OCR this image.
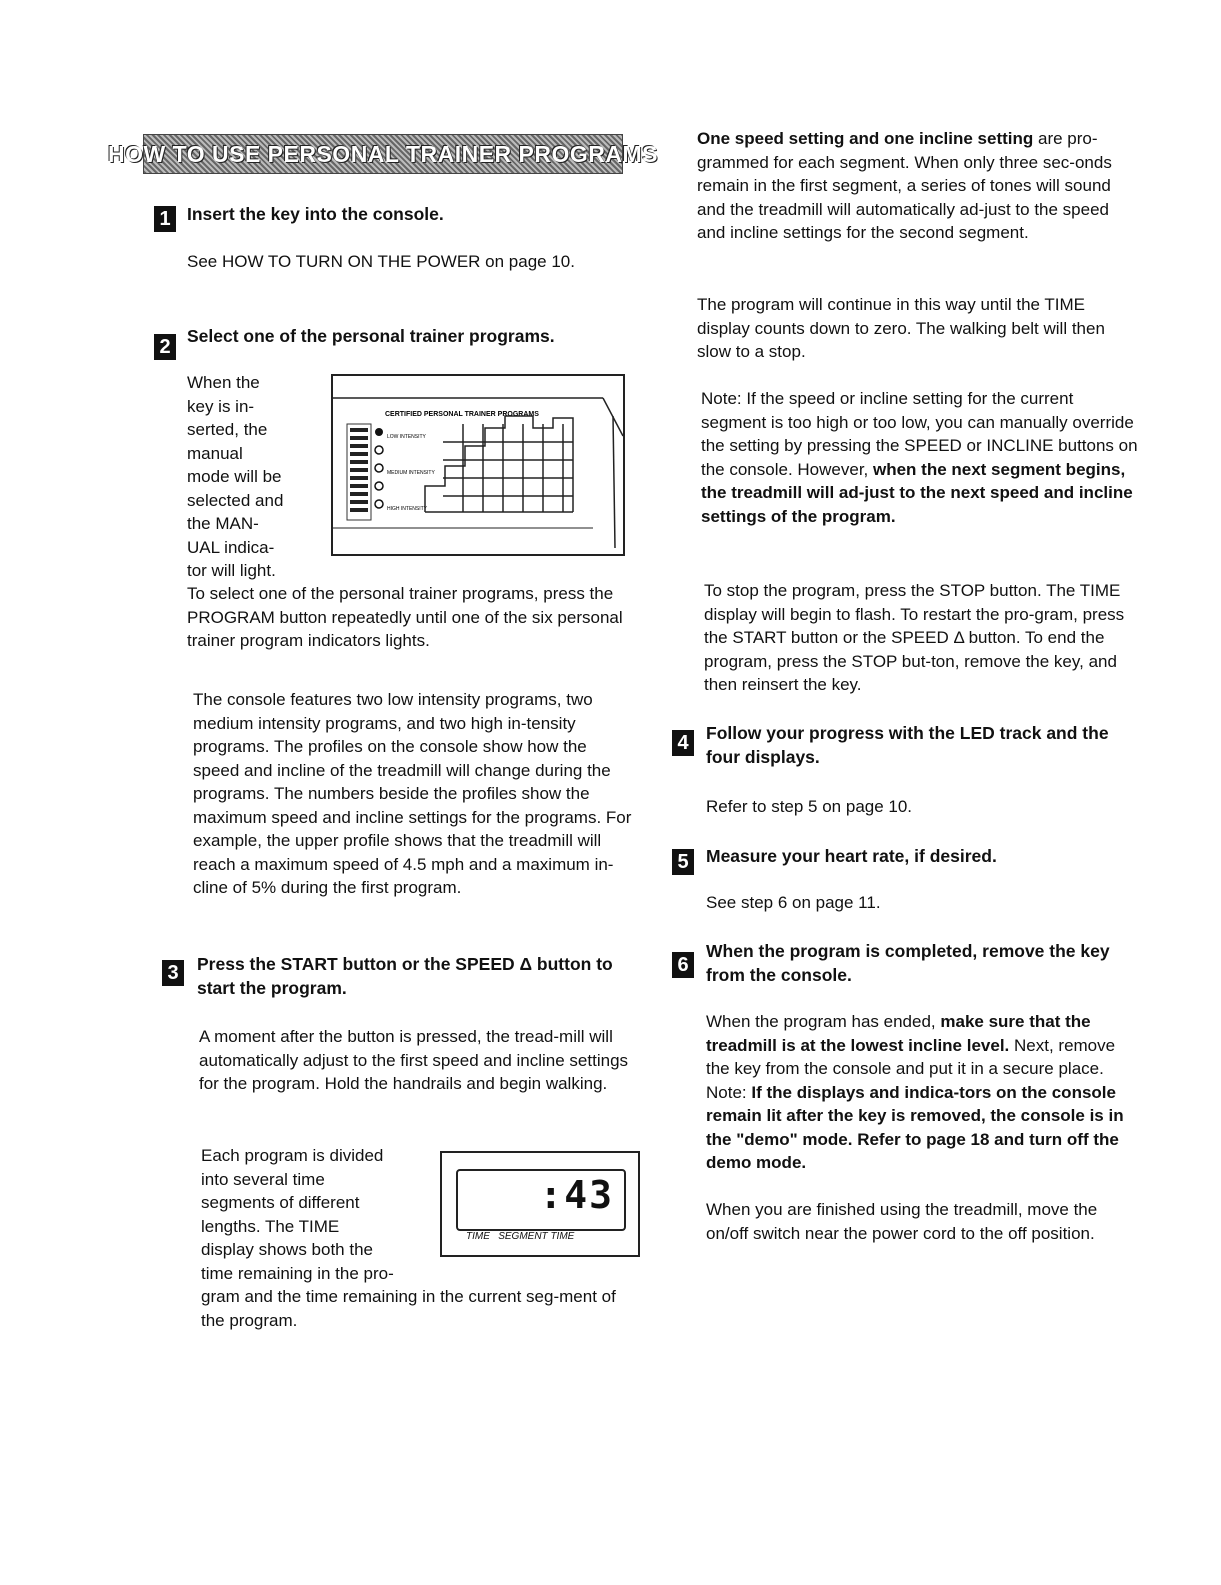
HOW TO USE PERSONAL TRAINER PROGRAMS
1 Insert the key into the console.
See HOW TO TURN ON THE POWER on page 10.
2 Select one of the personal trainer programs.
When the
key is in-
serted, the
manual
mode will be
selected and
the MAN-
UAL indica-
tor will light.
CERTIFIED PERSONAL TRAINER PROGRAMS
LOW INTENSITY
MEDIUM INTENSITY
HIGH INTENSITY
To select one of the personal trainer programs, press the PROGRAM button repeatedly until one of the six personal trainer program indicators lights.
The console features two low intensity programs, two medium intensity programs, and two high in-tensity programs. The profiles on the console show how the speed and incline of the treadmill will change during the programs. The numbers beside the profiles show the maximum speed and incline settings for the programs. For example, the upper profile shows that the treadmill will reach a maximum speed of 4.5 mph and a maximum in-cline of 5% during the first program.
3	Press the START button or the SPEED Δ button to start the program.
A moment after the button is pressed, the tread-mill will automatically adjust to the first speed and incline settings for the program. Hold the handrails and begin walking.
Each program is divided
into several time
segments of different
lengths. The TIME
display shows both the
time remaining in the pro-
gram and the time remaining in the current seg-ment of the program.
:43
TIME   SEGMENT TIME
One speed setting and one incline setting are pro-grammed for each segment. When only three sec-onds remain in the first segment, a series of tones will sound and the treadmill will automatically ad-just to the speed and incline settings for the second segment.
The program will continue in this way until the TIME display counts down to zero. The walking belt will then slow to a stop.
Note: If the speed or incline setting for the current segment is too high or too low, you can manually override the setting by pressing the SPEED or INCLINE buttons on the console. However, when the next segment begins, the treadmill will ad-just to the next speed and incline settings of the program.
To stop the program, press the STOP button. The TIME display will begin to flash. To restart the pro-gram, press the START button or the SPEED Δ button. To end the program, press the STOP but-ton, remove the key, and then reinsert the key.
4 Follow your progress with the LED track and the four displays.
Refer to step 5 on page 10.
5 Measure your heart rate, if desired.
See step 6 on page 11.
6
When the program is completed, remove the key from the console.
When the program has ended, make sure that the treadmill is at the lowest incline level. Next, remove the key from the console and put it in a secure place. Note: If the displays and indica-tors on the console remain lit after the key is removed, the console is in the "demo" mode. Refer to page 18 and turn off the demo mode.
When you are finished using the treadmill, move the on/off switch near the power cord to the off position.
